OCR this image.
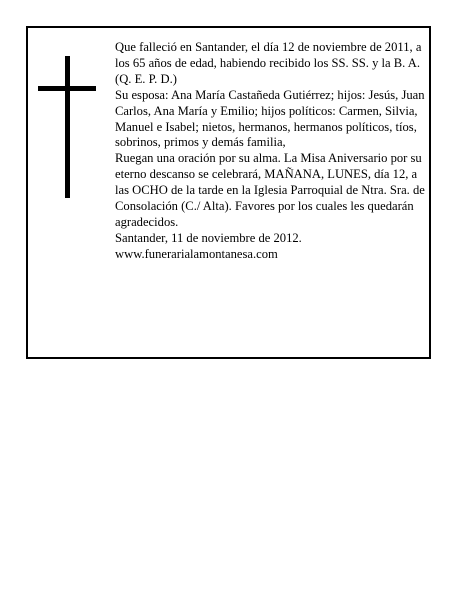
Que falleció en Santander, el día 12 de noviembre de 2011, a los 65 años de edad, habiendo recibido los SS. SS. y la B. A.

(Q. E. P. D.)

Su esposa: Ana María Castañeda Gutiérrez; hijos: Jesús, Juan Carlos, Ana María y Emilio; hijos políticos: Carmen, Silvia, Manuel e Isabel; nietos, hermanos, hermanos políticos, tíos, sobrinos, primos y demás familia,

Ruegan una oración por su alma. La Misa Aniversario por su eterno descanso se celebrará, MAÑANA, LUNES, día 12, a las OCHO de la tarde en la Iglesia Parroquial de Ntra. Sra. de Consolación (C./ Alta). Favores por los cuales les quedarán agradecidos.

Santander, 11 de noviembre de 2012.

www.funerarialamontanesa.com
